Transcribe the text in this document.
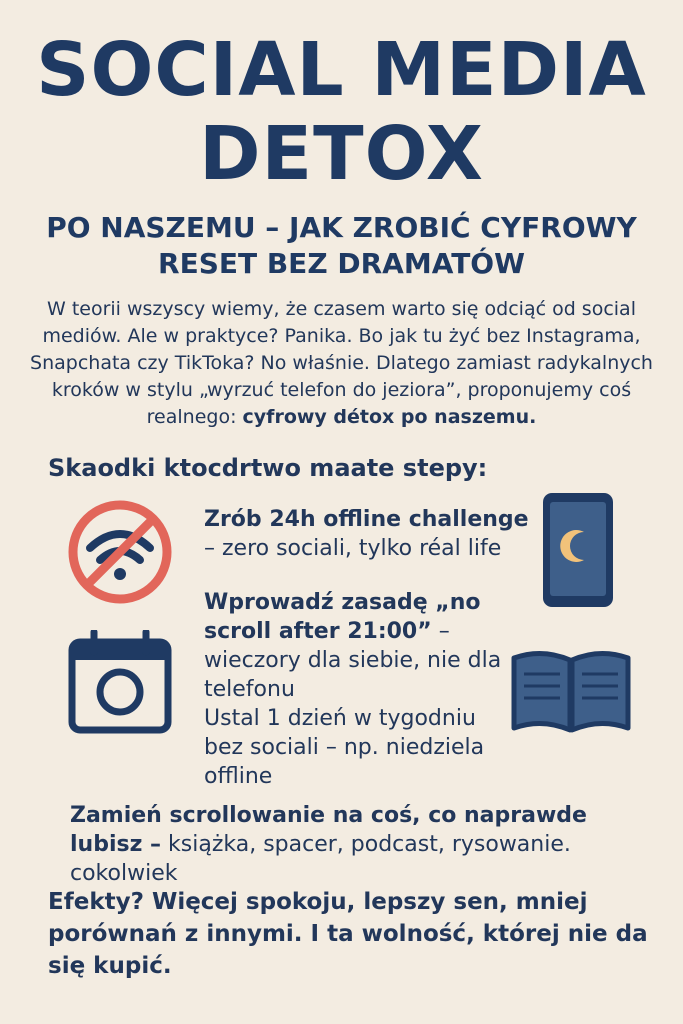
SOCIAL MEDIA
DETOX
PO NASZEMU – JAK ZROBIĆ CYFROWY
RESET BEZ DRAMATÓW

W teorii wszyscy wiemy, że czasem warto się odciąć od social mediów. Ale w praktyce? Panika. Bo jak tu żyć bez Instagrama, Snapchata czy TikToka? No właśnie. Dlatego zamiast radykalnych kroków w stylu „wyrzuć telefon do jeziora”, proponujemy coś realnego: cyfrowy détox po naszemu.

Skaodki ktocdrtwo maate stepy:

Zrób 24h offline challenge – zero sociali, tylko réal life

Wprowadź zasadę „no scroll after 21:00” – wieczory dla siebie, nie dla telefonu

Ustal 1 dzień w tygodniu bez sociali – np. niedziela offline

Zamień scrollowanie na coś, co naprawde lubisz – książka, spacer, podcast, rysowanie. cokolwiek

Efekty? Więcej spokoju, lepszy sen, mniej porównań z innymi. I ta wolność, której nie da się kupić.
